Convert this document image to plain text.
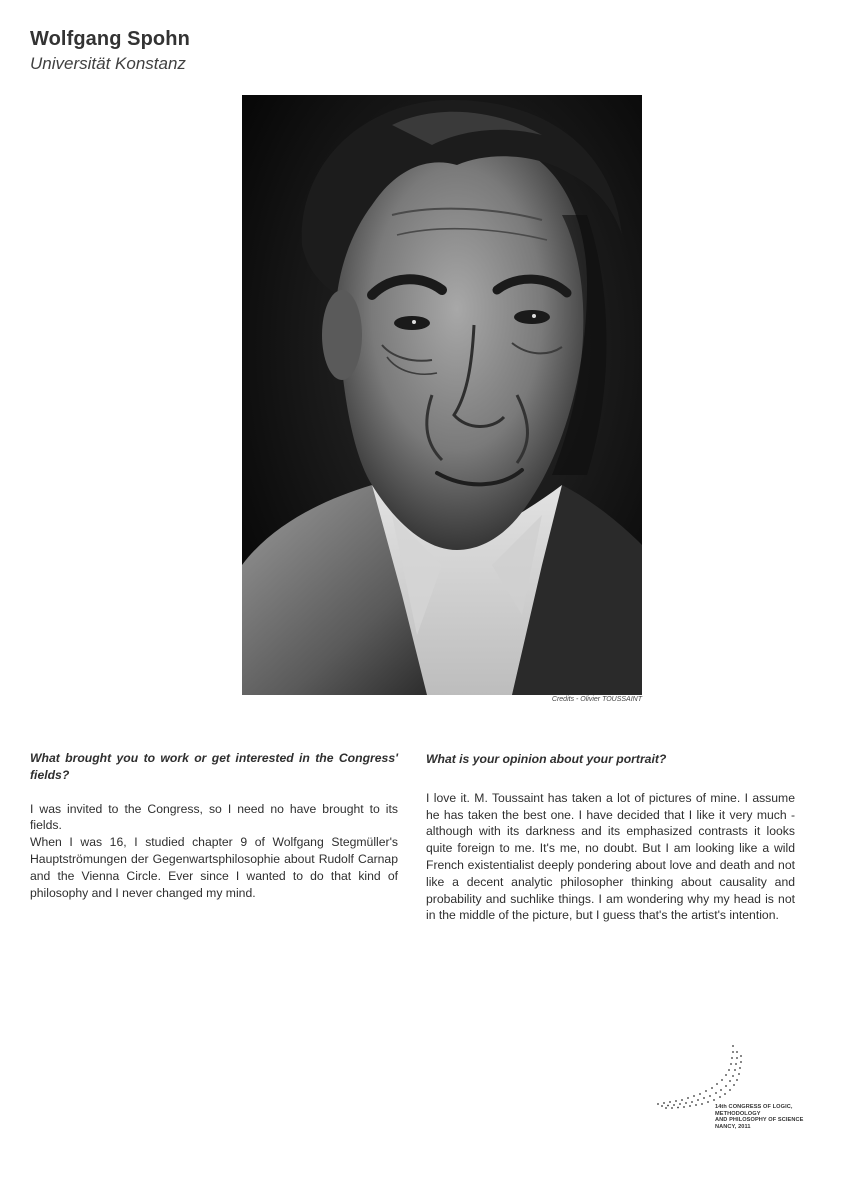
Wolfgang Spohn
Universität Konstanz
Credits - Olivier TOUSSAINT
What brought you to work or get interested in the Congress' fields?

I was invited to the Congress, so I need no have brought to its fields.

When I was 16, I studied chapter 9 of Wolfgang Stegmüller's Hauptströmungen der Gegenwartsphilosophie about Rudolf Carnap and the Vienna Circle. Ever since I wanted to do that kind of philosophy and I never changed my mind.

What is your opinion about your portrait?

I love it. M. Toussaint has taken a lot of pictures of mine. I assume he has taken the best one. I have decided that I like it very much - although with its darkness and its emphasized contrasts it looks quite foreign to me. It's me, no doubt. But I am looking like a wild French existentialist deeply pondering about love and death and not like a decent analytic philosopher thinking about causality and probability and suchlike things. I am wondering why my head is not in the middle of the picture, but I guess that's the artist's intention.

14th CONGRESS OF LOGIC,
METHODOLOGY
AND PHILOSOPHY OF SCIENCE
NANCY, 2011
